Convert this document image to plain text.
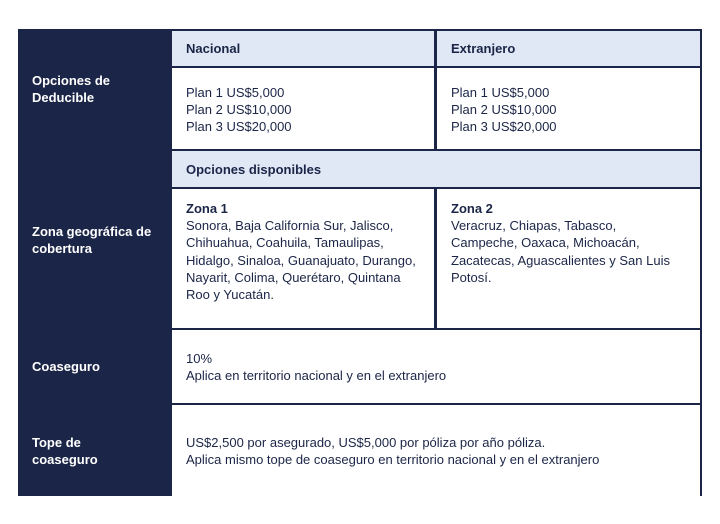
Opciones de Deducible
Nacional	Extranjero
Plan 1 US$5,000
Plan 2 US$10,000
Plan 3 US$20,000
Plan 1 US$5,000
Plan 2 US$10,000
Plan 3 US$20,000
Zona geográfica de cobertura
Opciones disponibles
Zona 1
Sonora, Baja California Sur, Jalisco, Chihuahua, Coahuila, Tamaulipas, Hidalgo, Sinaloa, Guanajuato, Durango, Nayarit, Colima, Querétaro, Quintana Roo y Yucatán.
Zona 2
Veracruz, Chiapas, Tabasco, Campeche, Oaxaca, Michoacán, Zacatecas, Aguascalientes y San Luis Potosí.
Coaseguro
10%
Aplica en territorio nacional y en el extranjero
Tope de coaseguro
US$2,500 por asegurado, US$5,000 por póliza por año póliza.
Aplica mismo tope de coaseguro en territorio nacional y en el extranjero
